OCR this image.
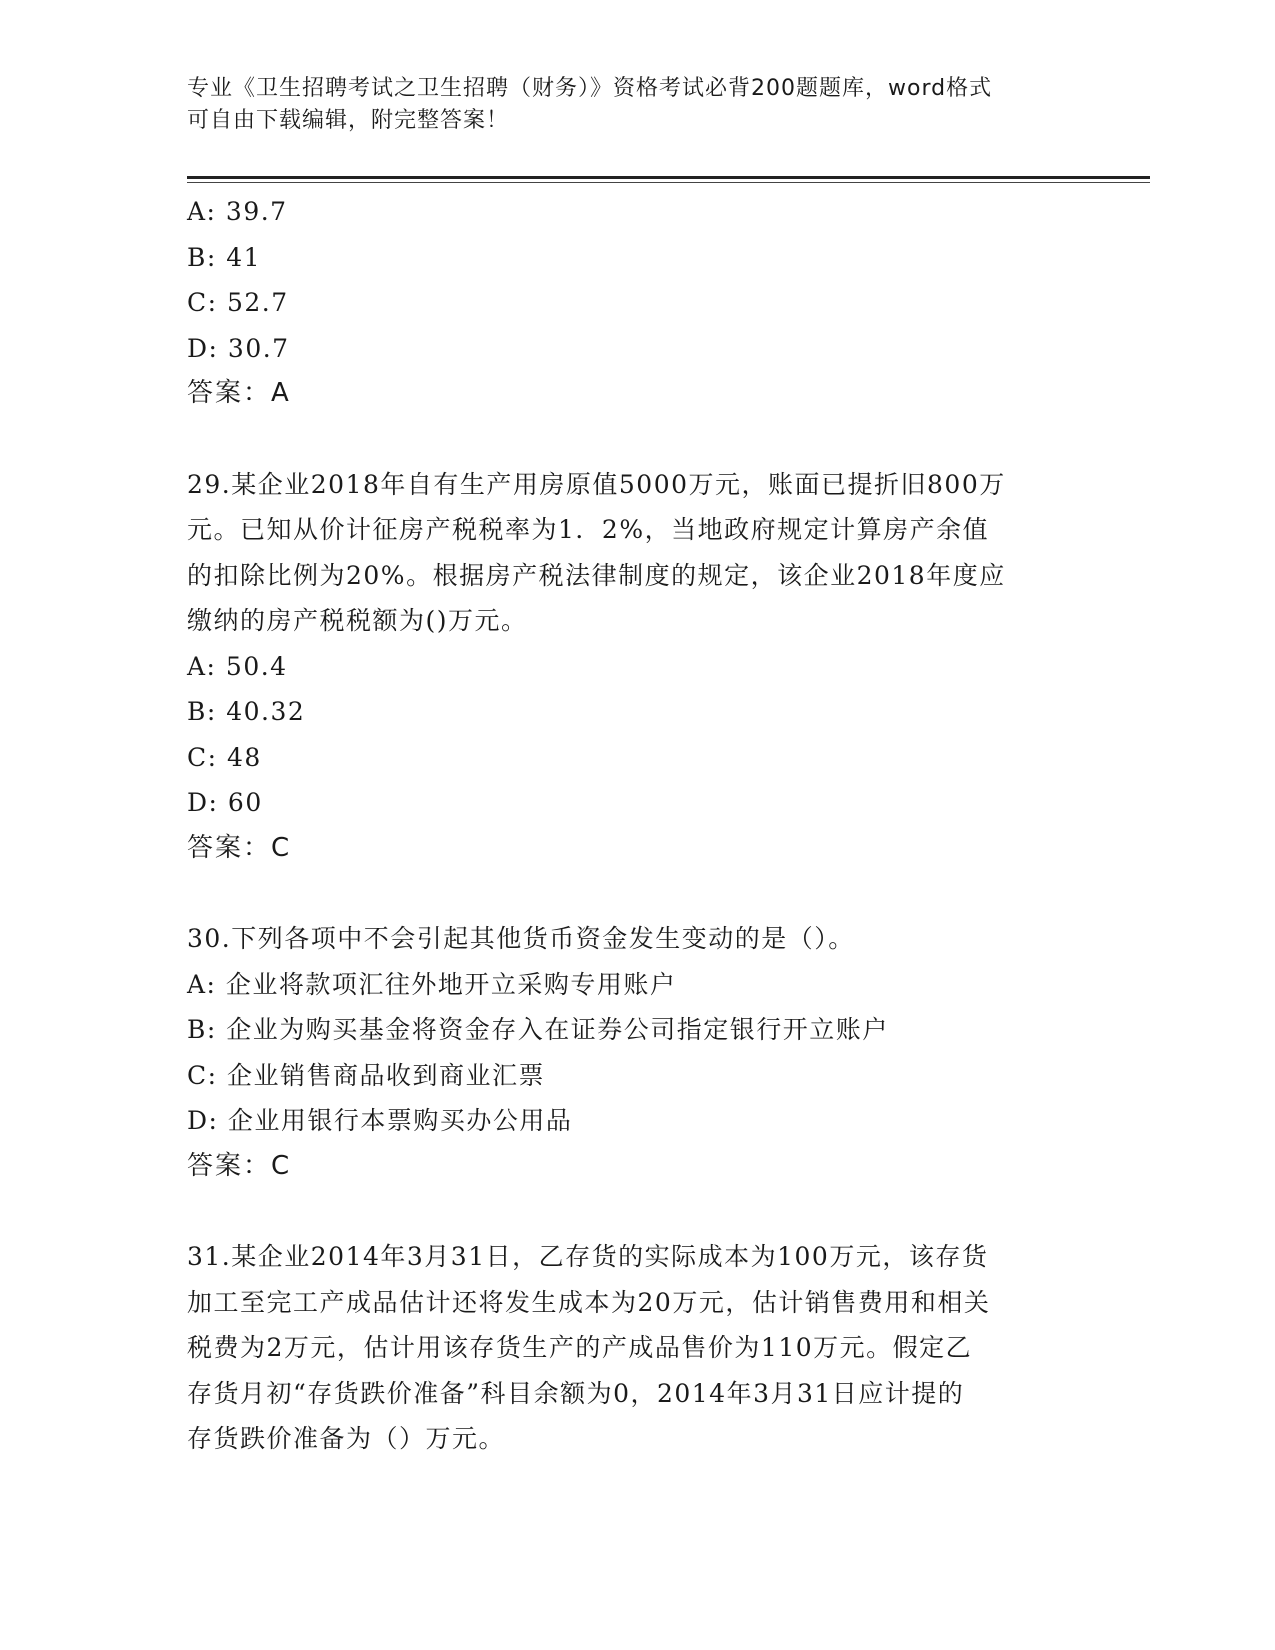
专业《卫生招聘考试之卫生招聘（财务）》资格考试必背200题题库，word格式
可自由下载编辑，附完整答案！

A: 39.7

B: 41

C: 52.7

D: 30.7

答案：A

29.某企业2018年自有生产用房原值5000万元，账面已提折旧800万

元。已知从价计征房产税税率为1．2%，当地政府规定计算房产余值

的扣除比例为20%。根据房产税法律制度的规定，该企业2018年度应

缴纳的房产税税额为()万元。

A: 50.4

B: 40.32

C: 48

D: 60

答案：C

30.下列各项中不会引起其他货币资金发生变动的是（）。

A: 企业将款项汇往外地开立采购专用账户

B: 企业为购买基金将资金存入在证券公司指定银行开立账户

C: 企业销售商品收到商业汇票

D: 企业用银行本票购买办公用品

答案：C

31.某企业2014年3月31日，乙存货的实际成本为100万元，该存货

加工至完工产成品估计还将发生成本为20万元，估计销售费用和相关

税费为2万元，估计用该存货生产的产成品售价为110万元。假定乙

存货月初“存货跌价准备”科目余额为0，2014年3月31日应计提的

存货跌价准备为（）万元。
